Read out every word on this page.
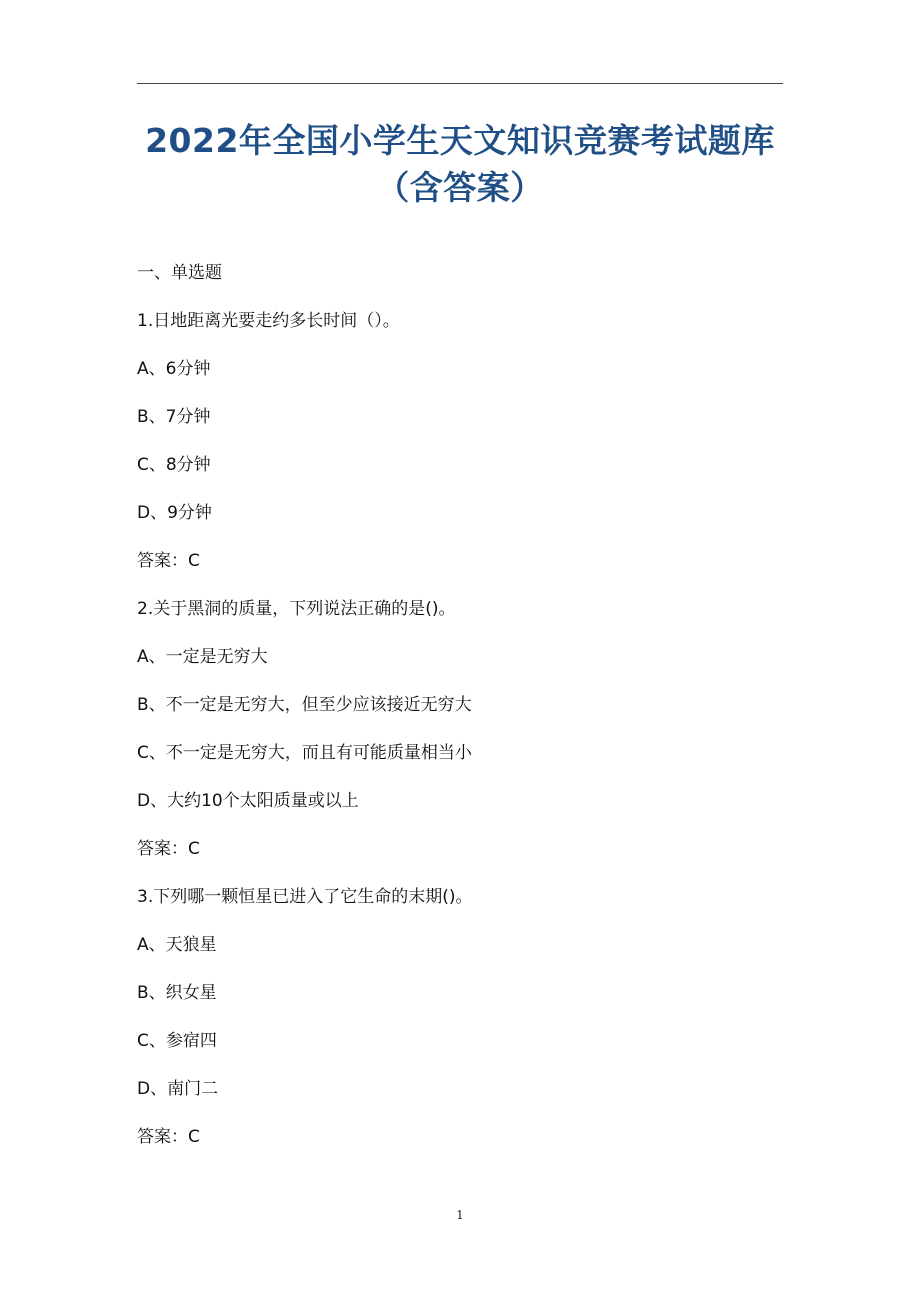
2022年全国小学生天文知识竞赛考试题库
（含答案）
一、单选题
1.日地距离光要走约多长时间（）。
A、6分钟
B、7分钟
C、8分钟
D、9分钟
答案：C
2.关于黑洞的质量，下列说法正确的是()。
A、一定是无穷大
B、不一定是无穷大，但至少应该接近无穷大
C、不一定是无穷大，而且有可能质量相当小
D、大约10个太阳质量或以上
答案：C
3.下列哪一颗恒星已进入了它生命的末期()。
A、天狼星
B、织女星
C、参宿四
D、南门二
答案：C
1
